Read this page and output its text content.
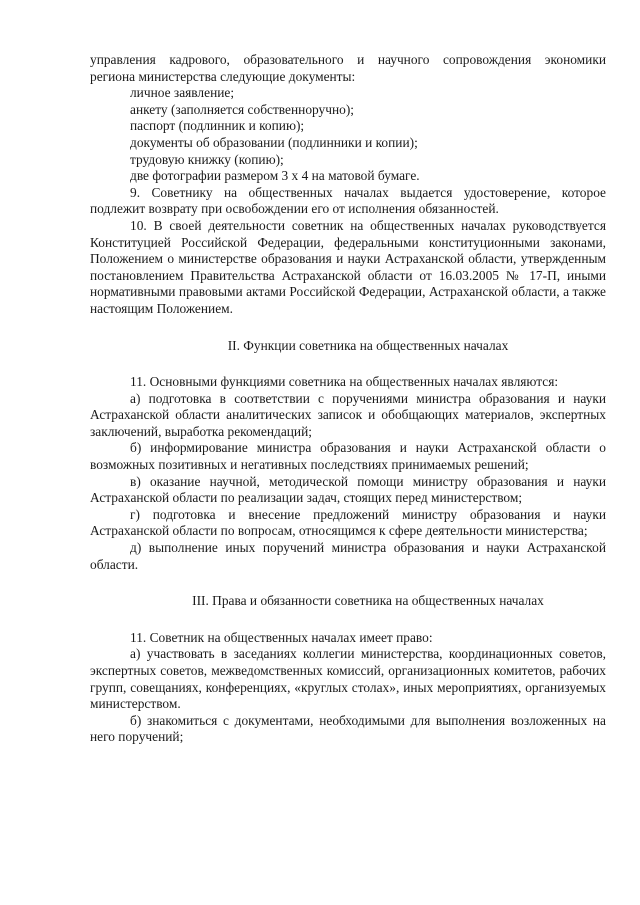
управления кадрового, образовательного и научного сопровождения экономики

региона министерства следующие документы:

личное заявление;

анкету (заполняется собственноручно);

паспорт (подлинник и копию);

документы об образовании (подлинники и копии);

трудовую книжку (копию);

две фотографии размером 3 х 4 на матовой бумаге.

9. Советнику на общественных началах выдается удостоверение, которое подлежит возврату при освобождении его от исполнения обязанностей.

10. В своей деятельности советник на общественных началах руководствуется Конституцией Российской Федерации, федеральными конституционными законами, Положением о министерстве образования и науки Астраханской области, утвержденным постановлением Правительства Астраханской области от 16.03.2005 № 17-П, иными нормативными правовыми актами Российской Федерации, Астраханской области, а также настоящим Положением.

II. Функции советника на общественных началах

11. Основными функциями советника на общественных началах являются:

а) подготовка в соответствии с поручениями министра образования и науки Астраханской области аналитических записок и обобщающих материалов, экспертных заключений, выработка рекомендаций;

б) информирование министра образования и науки Астраханской области о возможных позитивных и негативных последствиях принимаемых решений;

в) оказание научной, методической помощи министру образования и науки Астраханской области по реализации задач, стоящих перед министерством;

г) подготовка и внесение предложений министру образования и науки Астраханской области по вопросам, относящимся к сфере деятельности министерства;

д) выполнение иных поручений министра образования и науки Астраханской области.

III. Права и обязанности советника на общественных началах

11. Советник на общественных началах имеет право:

а) участвовать в заседаниях коллегии министерства, координационных советов, экспертных советов, межведомственных комиссий, организационных комитетов, рабочих групп, совещаниях, конференциях, «круглых столах», иных мероприятиях, организуемых министерством.

б) знакомиться с документами, необходимыми для выполнения возложенных на него поручений;
